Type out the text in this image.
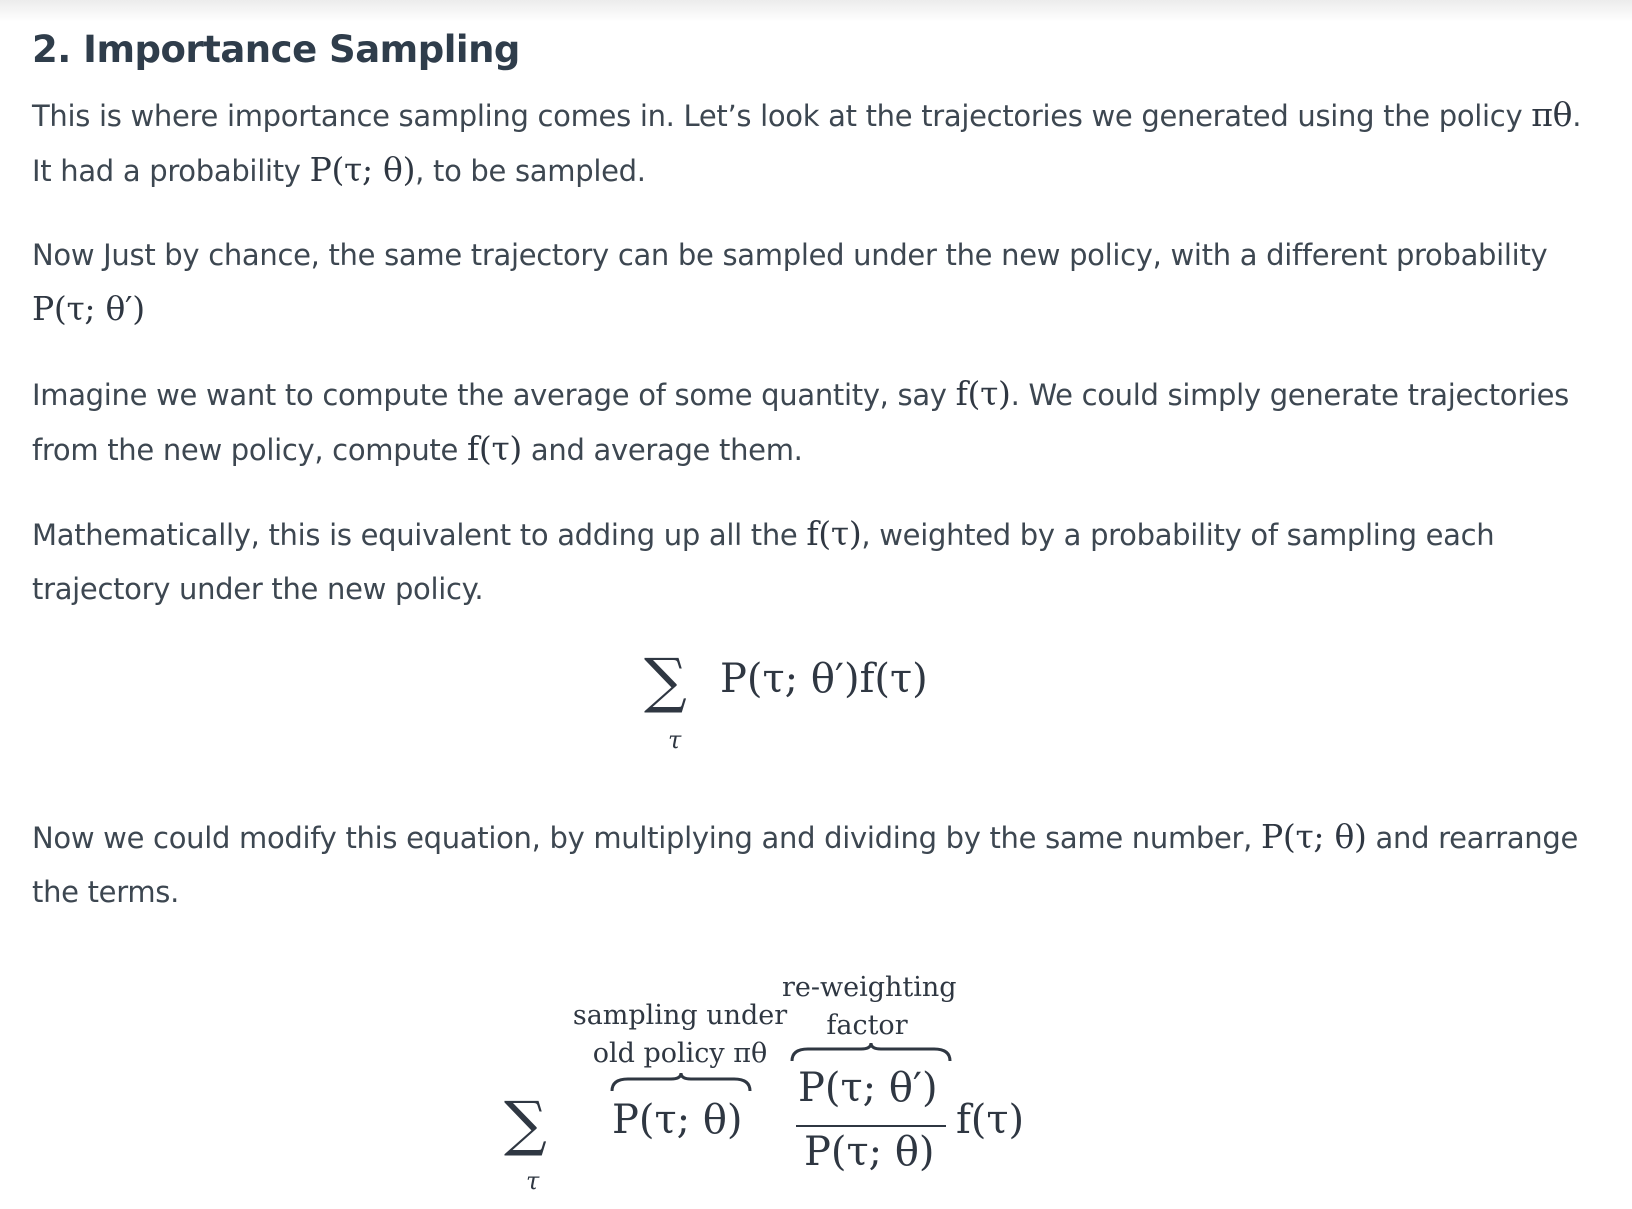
2. Importance Sampling

This is where importance sampling comes in. Let’s look at the trajectories we generated using the policy πθ. It had a probability P(τ; θ), to be sampled.

Now Just by chance, the same trajectory can be sampled under the new policy, with a different probability P(τ; θ′)

Imagine we want to compute the average of some quantity, say f(τ). We could simply generate trajectories from the new policy, compute f(τ) and average them.

Mathematically, this is equivalent to adding up all the f(τ), weighted by a probability of sampling each trajectory under the new policy.

∑
τ
P(τ; θ′)f(τ)

Now we could modify this equation, by multiplying and dividing by the same number, P(τ; θ) and rearrange the terms.

re-weighting
factor
sampling under
old policy πθ
∑
τ
P(τ; θ)
P(τ; θ′)
P(τ; θ)
f(τ)
